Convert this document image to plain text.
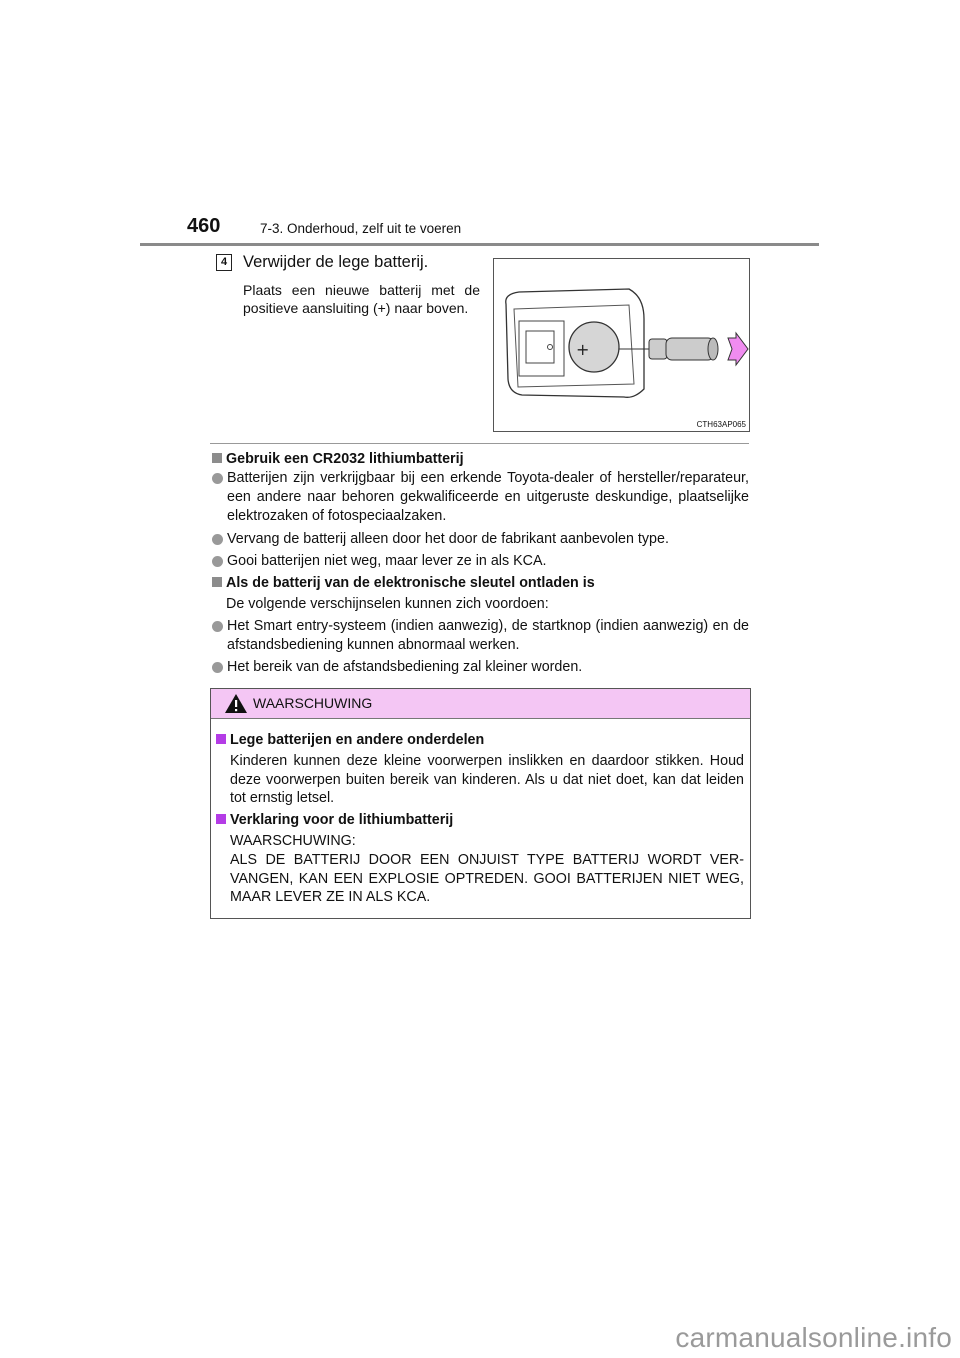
460	7-3. Onderhoud, zelf uit te voeren
4 Verwijder de lege batterij.
Plaats een nieuwe batterij met de positieve aansluiting (+) naar boven.
+
CTH63AP065
Gebruik een CR2032 lithiumbatterij
Batterijen zijn verkrijgbaar bij een erkende Toyota-dealer of hersteller/reparateur, een andere naar behoren gekwalificeerde en uitgeruste deskundige, plaatselijke elektrozaken of fotospeciaalzaken.
Vervang de batterij alleen door het door de fabrikant aanbevolen type.
Gooi batterijen niet weg, maar lever ze in als KCA.
Als de batterij van de elektronische sleutel ontladen is
De volgende verschijnselen kunnen zich voordoen:
Het Smart entry-systeem (indien aanwezig), de startknop (indien aanwezig) en de afstandsbediening kunnen abnormaal werken.
Het bereik van de afstandsbediening zal kleiner worden.
WAARSCHUWING
Lege batterijen en andere onderdelen
Kinderen kunnen deze kleine voorwerpen inslikken en daardoor stikken. Houd deze voorwerpen buiten bereik van kinderen. Als u dat niet doet, kan dat leiden tot ernstig letsel.
Verklaring voor de lithiumbatterij
WAARSCHUWING:
ALS DE BATTERIJ DOOR EEN ONJUIST TYPE BATTERIJ WORDT VERVANGEN, KAN EEN EXPLOSIE OPTREDEN. GOOI BATTERIJEN NIET WEG, MAAR LEVER ZE IN ALS KCA.
carmanualsonline.info
